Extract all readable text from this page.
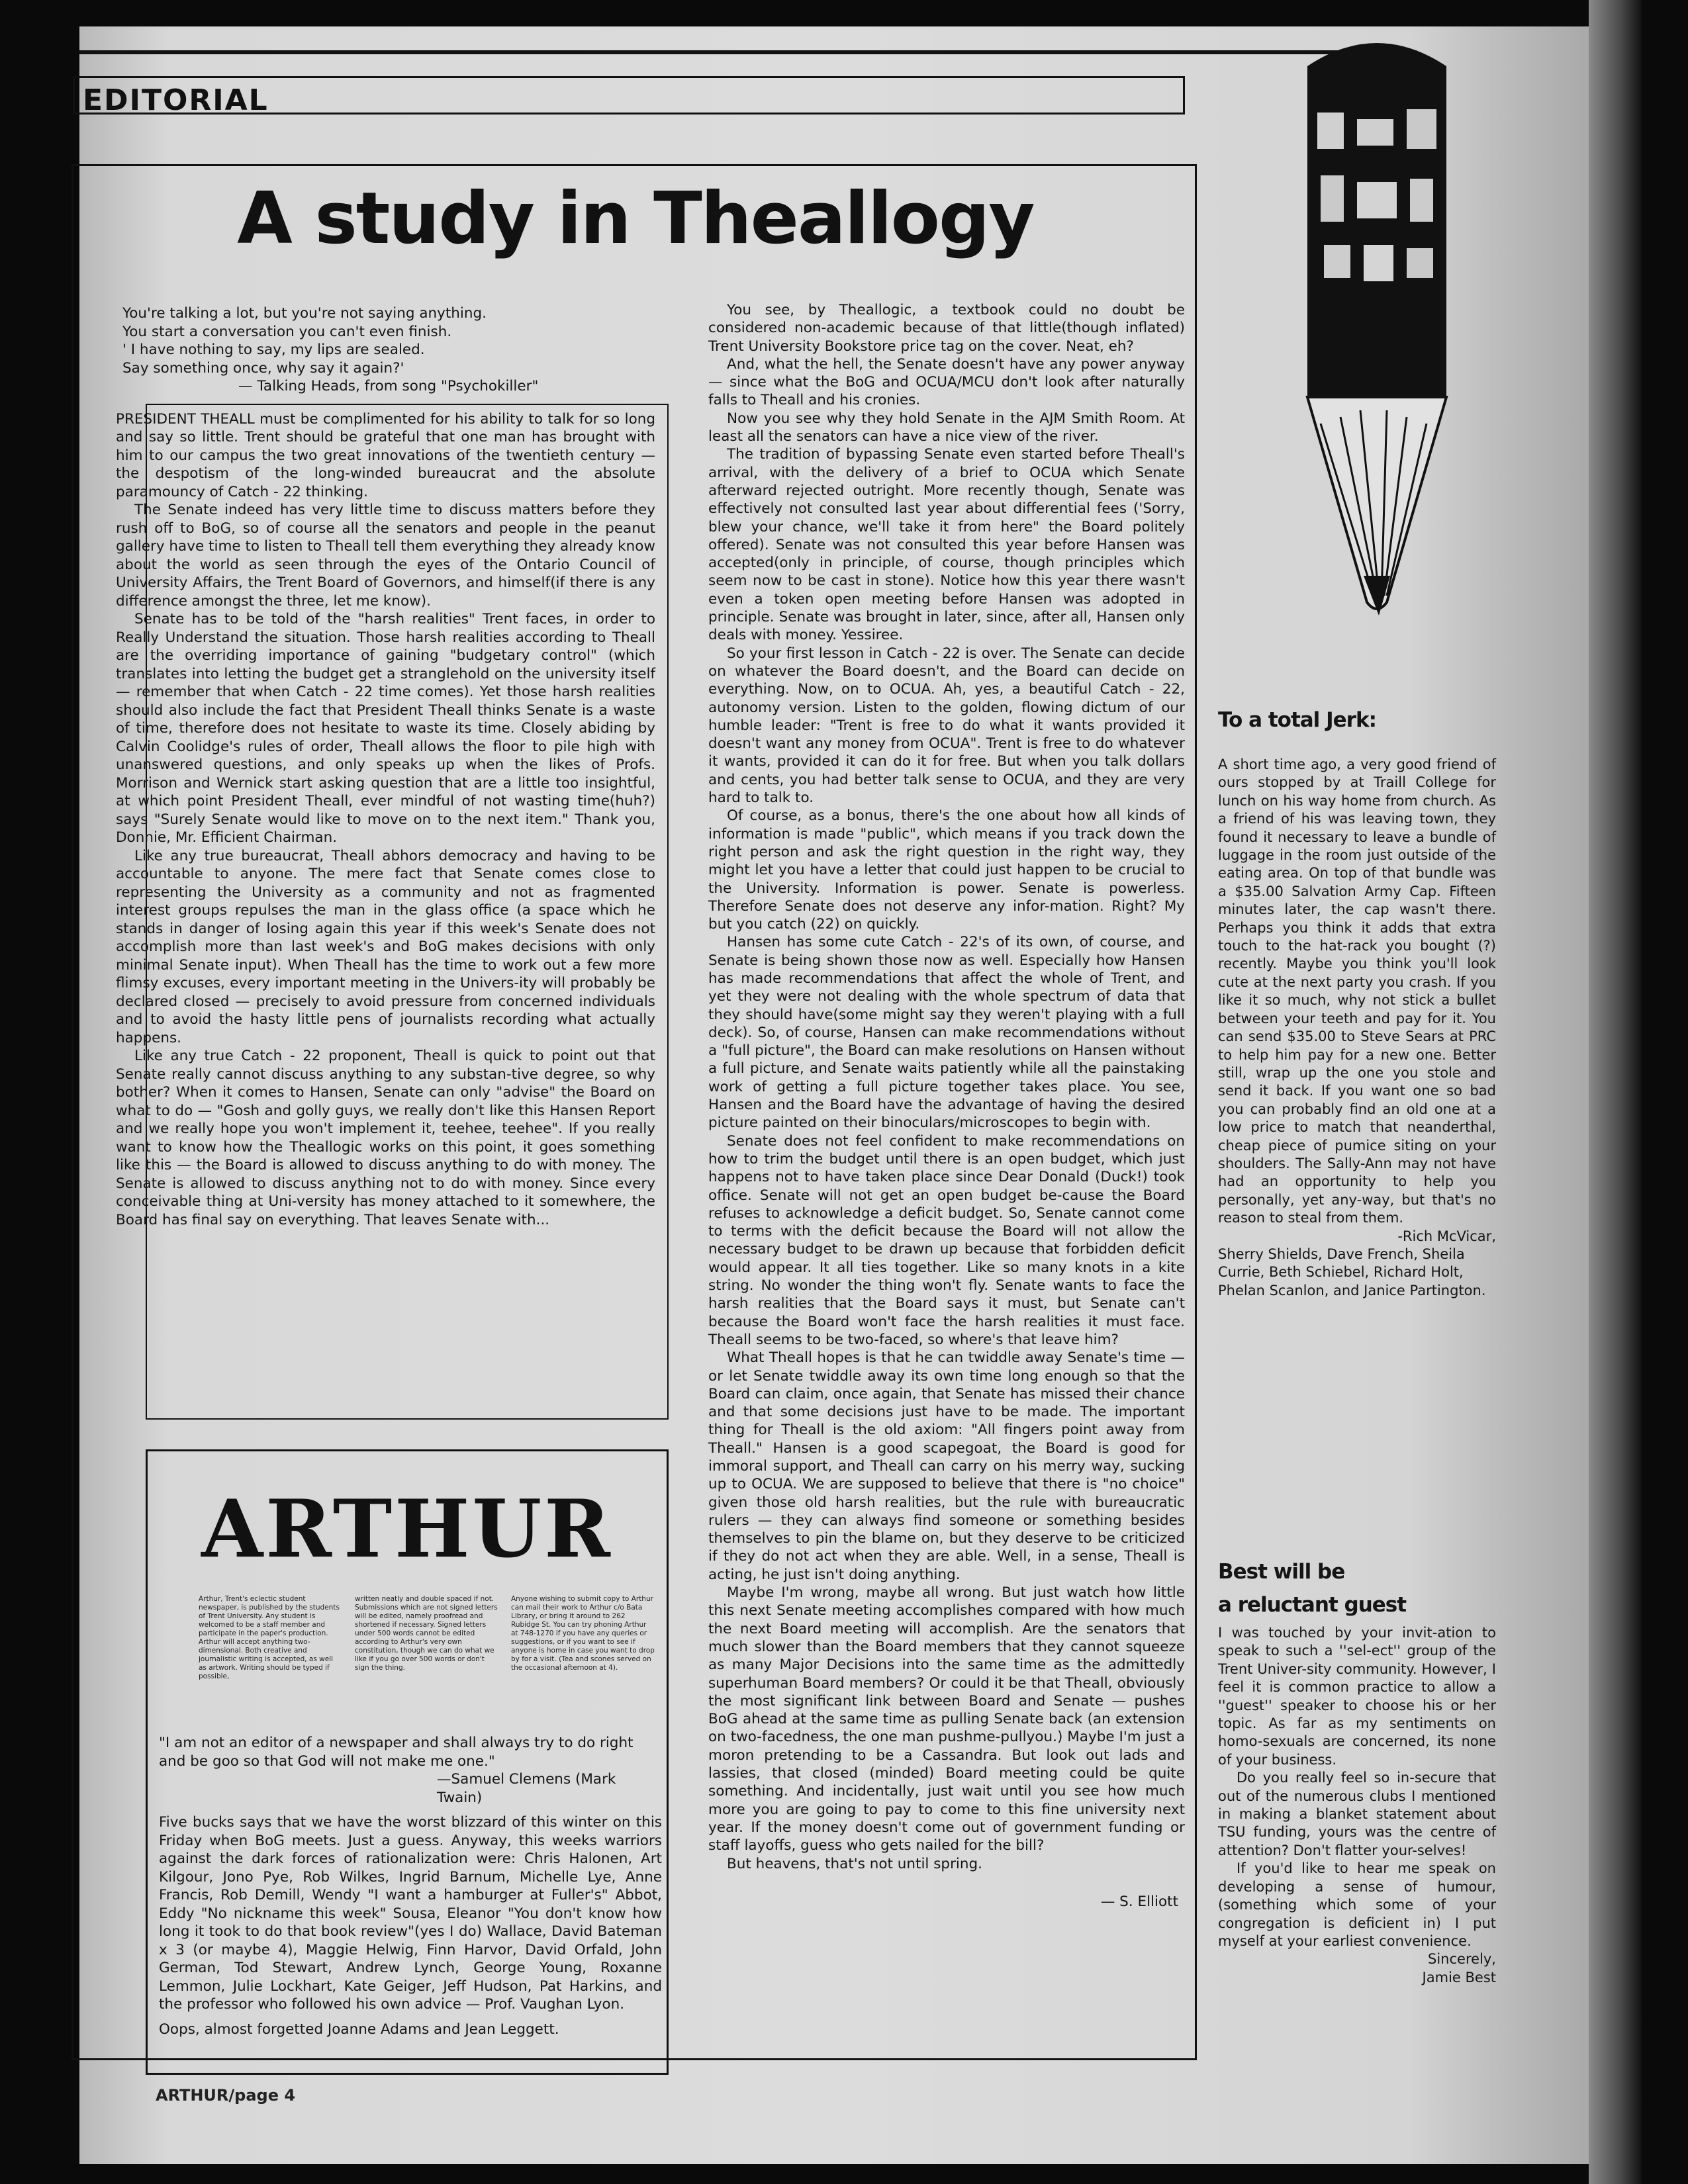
EDITORIAL
A study in Theallogy

You're talking a lot, but you're not saying anything.

You start a conversation you can't even finish.

' I have nothing to say, my lips are sealed.

Say something once, why say it again?'

— Talking Heads, from song "Psychokiller"

PRESIDENT THEALL must be complimented for his ability to talk for so long and say so little. Trent should be grateful that one man has brought with him to our campus the two great innovations of the twentieth century — the despotism of the long-winded bureaucrat and the absolute paramouncy of Catch - 22 thinking.

The Senate indeed has very little time to discuss matters before they rush off to BoG, so of course all the senators and people in the peanut gallery have time to listen to Theall tell them everything they already know about the world as seen through the eyes of the Ontario Council of University Affairs, the Trent Board of Governors, and himself(if there is any difference amongst the three, let me know).

Senate has to be told of the "harsh realities" Trent faces, in order to Really Understand the situation. Those harsh realities according to Theall are the overriding importance of gaining "budgetary control" (which translates into letting the budget get a stranglehold on the university itself — remember that when Catch - 22 time comes). Yet those harsh realities should also include the fact that President Theall thinks Senate is a waste of time, therefore does not hesitate to waste its time. Closely abiding by Calvin Coolidge's rules of order, Theall allows the floor to pile high with unanswered questions, and only speaks up when the likes of Profs. Morrison and Wernick start asking question that are a little too insightful, at which point President Theall, ever mindful of not wasting time(huh?) says "Surely Senate would like to move on to the next item." Thank you, Donnie, Mr. Efficient Chairman.

Like any true bureaucrat, Theall abhors democracy and having to be accountable to anyone. The mere fact that Senate comes close to representing the University as a community and not as fragmented interest groups repulses the man in the glass office (a space which he stands in danger of losing again this year if this week's Senate does not accomplish more than last week's and BoG makes decisions with only minimal Senate input). When Theall has the time to work out a few more flimsy excuses, every important meeting in the Univers-ity will probably be declared closed — precisely to avoid pressure from concerned individuals and to avoid the hasty little pens of journalists recording what actually happens.

Like any true Catch - 22 proponent, Theall is quick to point out that Senate really cannot discuss anything to any substan-tive degree, so why bother? When it comes to Hansen, Senate can only "advise" the Board on what to do — "Gosh and golly guys, we really don't like this Hansen Report and we really hope you won't implement it, teehee, teehee". If you really want to know how the Theallogic works on this point, it goes something like this — the Board is allowed to discuss anything to do with money. The Senate is allowed to discuss anything not to do with money. Since every conceivable thing at Uni-versity has money attached to it somewhere, the Board has final say on everything. That leaves Senate with...

You see, by Theallogic, a textbook could no doubt be considered non-academic because of that little(though inflated) Trent University Bookstore price tag on the cover. Neat, eh?

And, what the hell, the Senate doesn't have any power anyway — since what the BoG and OCUA/MCU don't look after naturally falls to Theall and his cronies.

Now you see why they hold Senate in the AJM Smith Room. At least all the senators can have a nice view of the river.

The tradition of bypassing Senate even started before Theall's arrival, with the delivery of a brief to OCUA which Senate afterward rejected outright. More recently though, Senate was effectively not consulted last year about differential fees ('Sorry, blew your chance, we'll take it from here" the Board politely offered). Senate was not consulted this year before Hansen was accepted(only in principle, of course, though principles which seem now to be cast in stone). Notice how this year there wasn't even a token open meeting before Hansen was adopted in principle. Senate was brought in later, since, after all, Hansen only deals with money. Yessiree.

So your first lesson in Catch - 22 is over. The Senate can decide on whatever the Board doesn't, and the Board can decide on everything. Now, on to OCUA. Ah, yes, a beautiful Catch - 22, autonomy version. Listen to the golden, flowing dictum of our humble leader: "Trent is free to do what it wants provided it doesn't want any money from OCUA". Trent is free to do whatever it wants, provided it can do it for free. But when you talk dollars and cents, you had better talk sense to OCUA, and they are very hard to talk to.

Of course, as a bonus, there's the one about how all kinds of information is made "public", which means if you track down the right person and ask the right question in the right way, they might let you have a letter that could just happen to be crucial to the University. Information is power. Senate is powerless. Therefore Senate does not deserve any infor-mation. Right? My but you catch (22) on quickly.

Hansen has some cute Catch - 22's of its own, of course, and Senate is being shown those now as well. Especially how Hansen has made recommendations that affect the whole of Trent, and yet they were not dealing with the whole spectrum of data that they should have(some might say they weren't playing with a full deck). So, of course, Hansen can make recommendations without a "full picture", the Board can make resolutions on Hansen without a full picture, and Senate waits patiently while all the painstaking work of getting a full picture together takes place. You see, Hansen and the Board have the advantage of having the desired picture painted on their binoculars/microscopes to begin with.

Senate does not feel confident to make recommendations on how to trim the budget until there is an open budget, which just happens not to have taken place since Dear Donald (Duck!) took office. Senate will not get an open budget be-cause the Board refuses to acknowledge a deficit budget. So, Senate cannot come to terms with the deficit because the Board will not allow the necessary budget to be drawn up because that forbidden deficit would appear. It all ties together. Like so many knots in a kite string. No wonder the thing won't fly. Senate wants to face the harsh realities that the Board says it must, but Senate can't because the Board won't face the harsh realities it must face. Theall seems to be two-faced, so where's that leave him?

What Theall hopes is that he can twiddle away Senate's time — or let Senate twiddle away its own time long enough so that the Board can claim, once again, that Senate has missed their chance and that some decisions just have to be made. The important thing for Theall is the old axiom: "All fingers point away from Theall." Hansen is a good scapegoat, the Board is good for immoral support, and Theall can carry on his merry way, sucking up to OCUA. We are supposed to believe that there is "no choice" given those old harsh realities, but the rule with bureaucratic rulers — they can always find someone or something besides themselves to pin the blame on, but they deserve to be criticized if they do not act when they are able. Well, in a sense, Theall is acting, he just isn't doing anything.

Maybe I'm wrong, maybe all wrong. But just watch how little this next Senate meeting accomplishes compared with how much the next Board meeting will accomplish. Are the senators that much slower than the Board members that they cannot squeeze as many Major Decisions into the same time as the admittedly superhuman Board members? Or could it be that Theall, obviously the most significant link between Board and Senate — pushes BoG ahead at the same time as pulling Senate back (an extension on two-facedness, the one man pushme-pullyou.) Maybe I'm just a moron pretending to be a Cassandra. But look out lads and lassies, that closed (minded) Board meeting could be quite something. And incidentally, just wait until you see how much more you are going to pay to come to this fine university next year. If the money doesn't come out of government funding or staff layoffs, guess who gets nailed for the bill?

But heavens, that's not until spring.

— S. Elliott

ARTHUR
Arthur, Trent's eclectic student newspaper, is published by the students of Trent University. Any student is welcomed to be a staff member and participate in the paper's production. Arthur will accept anything two-dimensional. Both creative and journalistic writing is accepted, as well as artwork. Writing should be typed if possible,
written neatly and double spaced if not. Submissions which are not signed letters will be edited, namely proofread and shortened if necessary. Signed letters under 500 words cannot be edited according to Arthur's very own constitution, though we can do what we like if you go over 500 words or don't sign the thing.
Anyone wishing to submit copy to Arthur can mail their work to Arthur c/o Bata Library, or bring it around to 262 Rubidge St. You can try phoning Arthur at 748-1270 if you have any queries or suggestions, or if you want to see if anyone is home in case you want to drop by for a visit. (Tea and scones served on the occasional afternoon at 4).

"I am not an editor of a newspaper and shall always try to do right and be goo so that God will not make me one."

—Samuel Clemens (Mark Twain)

Five bucks says that we have the worst blizzard of this winter on this Friday when BoG meets. Just a guess. Anyway, this weeks warriors against the dark forces of rationalization were: Chris Halonen, Art Kilgour, Jono Pye, Rob Wilkes, Ingrid Barnum, Michelle Lye, Anne Francis, Rob Demill, Wendy "I want a hamburger at Fuller's" Abbot, Eddy "No nickname this week" Sousa, Eleanor "You don't know how long it took to do that book review"(yes I do) Wallace, David Bateman x 3 (or maybe 4), Maggie Helwig, Finn Harvor, David Orfald, John German, Tod Stewart, Andrew Lynch, George Young, Roxanne Lemmon, Julie Lockhart, Kate Geiger, Jeff Hudson, Pat Harkins, and the professor who followed his own advice — Prof. Vaughan Lyon.

Oops, almost forgetted Joanne Adams and Jean Leggett.

ARTHUR/page 4
To a total Jerk:

A short time ago, a very good friend of ours stopped by at Traill College for lunch on his way home from church. As a friend of his was leaving town, they found it necessary to leave a bundle of luggage in the room just outside of the eating area. On top of that bundle was a $35.00 Salvation Army Cap. Fifteen minutes later, the cap wasn't there. Perhaps you think it adds that extra touch to the hat-rack you bought (?) recently. Maybe you think you'll look cute at the next party you crash. If you like it so much, why not stick a bullet between your teeth and pay for it. You can send $35.00 to Steve Sears at PRC to help him pay for a new one. Better still, wrap up the one you stole and send it back. If you want one so bad you can probably find an old one at a low price to match that neanderthal, cheap piece of pumice siting on your shoulders. The Sally-Ann may not have had an opportunity to help you personally, yet any-way, but that's no reason to steal from them.

-Rich McVicar,

Sherry Shields, Dave French, Sheila Currie, Beth Schiebel, Richard Holt, Phelan Scanlon, and Janice Partington.

Best will be
a reluctant guest

I was touched by your invit-ation to speak to such a ''sel-ect'' group of the Trent Univer-sity community. However, I feel it is common practice to allow a ''guest'' speaker to choose his or her topic. As far as my sentiments on homo-sexuals are concerned, its none of your business.

Do you really feel so in-secure that out of the numerous clubs I mentioned in making a blanket statement about TSU funding, yours was the centre of attention? Don't flatter your-selves!

If you'd like to hear me speak on developing a sense of humour, (something which some of your congregation is deficient in) I put myself at your earliest convenience.

Sincerely,

Jamie Best
